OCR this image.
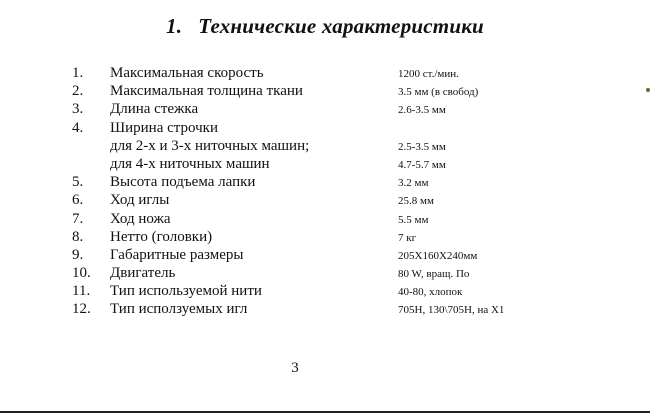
1. Технические характеристики
1. Максимальная скорость	1200 ст./мин.
2. Максимальная толщина ткани	3.5 мм (в свобод)
3. Длина стежка	2.6-3.5 мм
4. Ширина строчки
для 2-х и 3-х ниточных машин;	2.5-3.5 мм
для 4-х ниточных машин	4.7-5.7 мм
5. Высота подъема лапки	3.2 мм
6. Ход иглы	25.8 мм
7. Ход ножа	5.5 мм
8. Нетто (головки)	7 кг
9. Габаритные размеры	205X160X240мм
10. Двигатель	80 W, вращ. По
11. Тип используемой нити	40-80, хлопок
12. Тип исползуемых игл	705H, 130\705H, на X1
3
